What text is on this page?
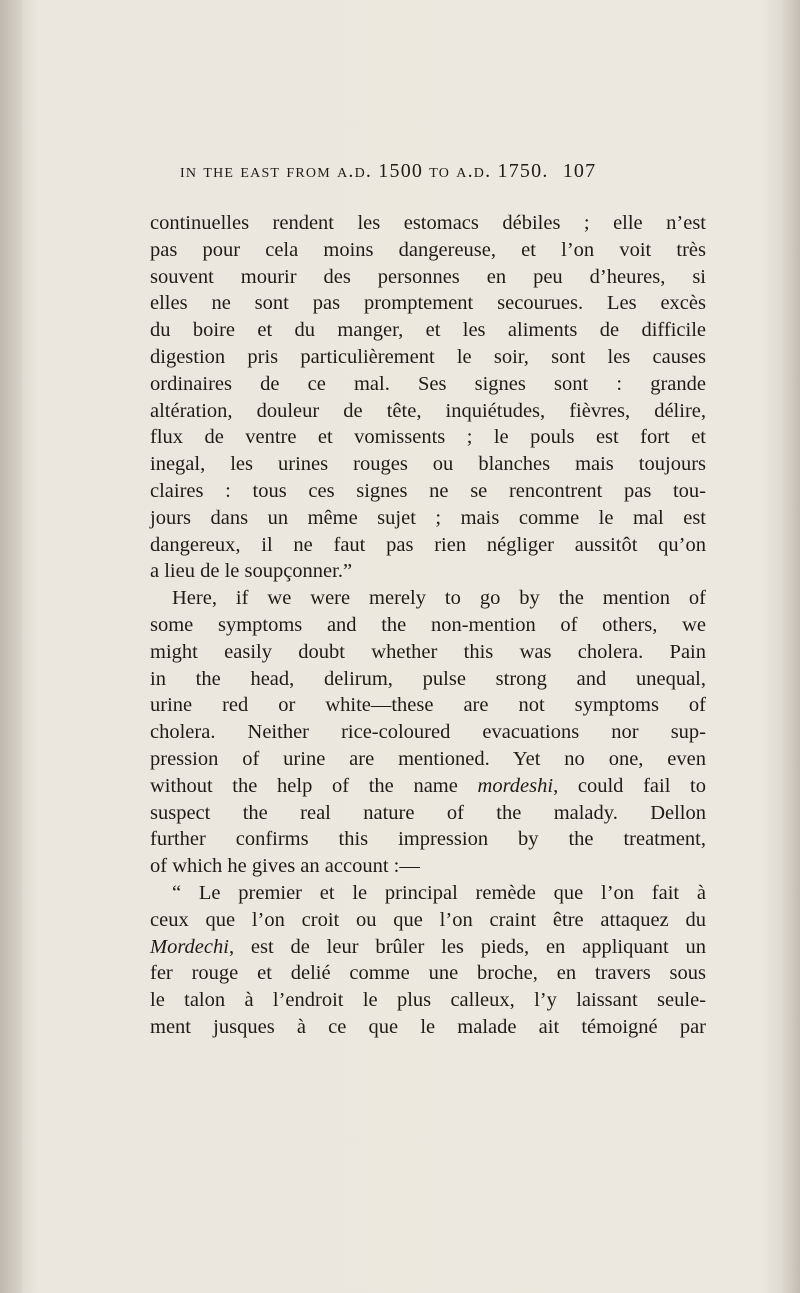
in the east from a.d. 1500 to a.d. 1750. 107
continuelles rendent les estomacs débiles ; elle n’est
pas pour cela moins dangereuse, et l’on voit très
souvent mourir des personnes en peu d’heures, si
elles ne sont pas promptement secourues. Les excès
du boire et du manger, et les aliments de difficile
digestion pris particulièrement le soir, sont les causes
ordinaires de ce mal. Ses signes sont : grande
altération, douleur de tête, inquiétudes, fièvres, délire,
flux de ventre et vomissents ; le pouls est fort et
inegal, les urines rouges ou blanches mais toujours
claires : tous ces signes ne se rencontrent pas tou-
jours dans un même sujet ; mais comme le mal est
dangereux, il ne faut pas rien négliger aussitôt qu’on
a lieu de le soupçonner.”
Here, if we were merely to go by the mention of
some symptoms and the non-mention of others, we
might easily doubt whether this was cholera. Pain
in the head, delirum, pulse strong and unequal,
urine red or white—these are not symptoms of
cholera. Neither rice-coloured evacuations nor sup-
pression of urine are mentioned. Yet no one, even
without the help of the name mordeshi, could fail to
suspect the real nature of the malady. Dellon
further confirms this impression by the treatment,
of which he gives an account :—
“ Le premier et le principal remède que l’on fait à
ceux que l’on croit ou que l’on craint être attaquez du
Mordechi, est de leur brûler les pieds, en appliquant un
fer rouge et delié comme une broche, en travers sous
le talon à l’endroit le plus calleux, l’y laissant seule-
ment jusques à ce que le malade ait témoigné par
